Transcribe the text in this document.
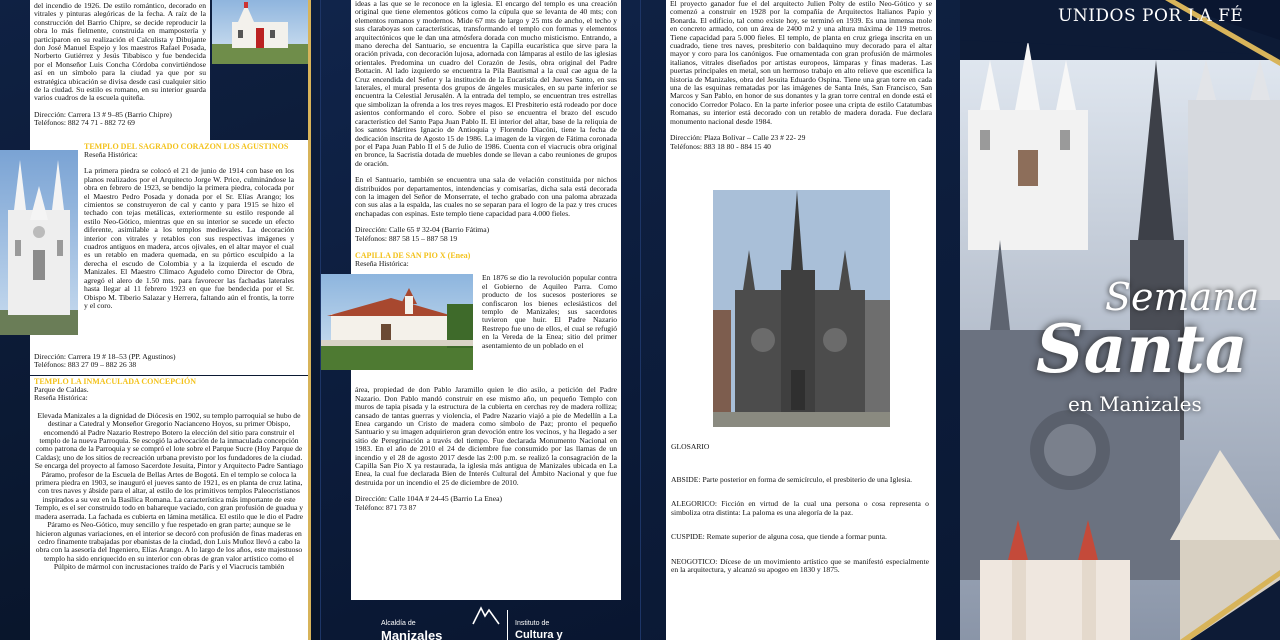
del incendio de 1926. De estilo romántico, decorado en vitrales y pinturas alegóricas de la fecha. A raíz de la construcción del Barrio Chipre, se decide reproducir la obra lo más fielmente, construida en mampostería y participaron en su realización el Calculista y Dibujante don José Manuel Espejo y los maestros Rafael Posada, Norberto Gutiérrez y Jesús Tibabisco y fue bendecida por el Monseñor Luis Concha Córdoba convirtiéndose así en un símbolo para la ciudad ya que por su estratégica ubicación se divisa desde casi cualquier sitio de la ciudad. Su estilo es romano, en su interior guarda varios cuadros de la escuela quiteña.

Dirección: Carrera 13 # 9–85 (Barrio Chipre)
Teléfonos: 882 74 71 - 882 72 69
TEMPLO DEL SAGRADO CORAZON LOS AGUSTINOS
Reseña Histórica:

La primera piedra se colocó el 21 de junio de 1914 con base en los planos realizados por el Arquitecto Jorge W. Price, culminándose la obra en febrero de 1923, se bendijo la primera piedra, colocada por el Maestro Pedro Posada y donada por el Sr. Elías Arango; los cimientos se construyeron de cal y canto y para 1915 se hizo el techado con tejas metálicas, exteriormente su estilo responde al estilo Neo-Gótico, mientras que en su interior se sucede un efecto diferente, asimilable a los templos medievales. La decoración interior con vitrales y retablos con sus respectivas imágenes y cuadros antiguos en madera, arcos ojivales, en el altar mayor el cual es un retablo en madera quemada, en su pórtico esculpido a la derecha el escudo de Colombia y a la izquierda el escudo de Manizales. El Maestro Clímaco Agudelo como Director de Obra, agregó el alero de 1.50 mts. para favorecer las fachadas laterales hasta llegar al 11 febrero 1923 en que fue bendecida por el Sr. Obispo M. Tiberio Salazar y Herrera, faltando aún el frontis, la torre y el coro.

Dirección: Carrera 19 # 18–53 (PP. Agustinos)
Teléfonos: 883 27 09 – 882 26 38
TEMPLO LA INMACULADA CONCEPCIÓN
Parque de Caldas.
Reseña Histórica:

Elevada Manizales a la dignidad de Diócesis en 1902, su templo parroquial se hubo de destinar a Catedral y Monseñor Gregorio Nacianceno Hoyos, su primer Obispo, encomendó al Padre Nazario Restrepo Botero la elección del sitio para construir el templo de la nueva Parroquia. Se escogió la advocación de la inmaculada concepción como patrona de la Parroquia y se compró el lote sobre el Parque Sucre (Hoy Parque de Caldas); uno de los sitios de recreación urbana previsto por los fundadores de la ciudad. Se encarga del proyecto al famoso Sacerdote Jesuita, Pintor y Arquitecto Padre Santiago Páramo, profesor de la Escuela de Bellas Artes de Bogotá. En el templo se coloca la primera piedra en 1903, se inauguró el jueves santo de 1921, es en planta de cruz latina, con tres naves y ábside para el altar, al estilo de los primitivos templos Paleocristianos inspirados a su vez en la Basílica Romana. La característica más importante de este Templo, es el ser construido todo en bahareque vaciado, con gran profusión de guadua y madera aserrada. La fachada es cubierta en lámina metálica. El estilo que le dio el Padre Páramo es Neo-Gótico, muy sencillo y fue respetado en gran parte; aunque se le hicieron algunas variaciones, en el interior se decoró con profusión de finas maderas en cedro finamente trabajadas por ebanistas de la ciudad, don Luis Muñoz llevó a cabo la obra con la asesoría del Ingeniero, Elías Arango. A lo largo de los años, este majestuoso templo ha sido enriquecido en su interior con obras de gran valor artístico como el Púlpito de mármol con incrustaciones traído de París y el Viacrucis también

ideas a las que se le reconoce en la iglesia. El encargo del templo es una creación original que tiene elementos góticos como la cúpula que se levanta de 40 mts; con elementos romanos y modernos. Mide 67 mts de largo y 25 mts de ancho, el techo y sus claraboyas son características, transformando el templo con formas y elementos arquitectónicos que le dan una atmósfera dorada con mucho misticismo. Entrando, a mano derecha del Santuario, se encuentra la Capilla eucarística que sirve para la oración privada, con decoración lujosa, adornada con lámparas al estilo de las iglesias orientales. Predomina un cuadro del Corazón de Jesús, obra original del Padre Bottacin. Al lado izquierdo se encuentra la Pila Bautismal a la cual cae agua de la Cruz encendida del Señor y la institución de la Eucaristía del Jueves Santo, en sus laterales, el mural presenta dos grupos de ángeles musicales, en su parte inferior se encuentra la Celestial Jerusalén. A la entrada del templo, se encuentran tres estrellas que simbolizan la ofrenda a los tres reyes magos. El Presbiterio está rodeado por doce asientos conformando el coro. Sobre el piso se encuentra el brazo del escudo característico del Santo Papa Juan Pablo II. El interior del altar, base de la reliquia de los santos Mártires Ignacio de Antioquia y Florendo Diacóni, tiene la fecha de dedicación inscrita de Agosto 15 de 1986. La imagen de la virgen de Fátima coronada por el Papa Juan Pablo II el 5 de Julio de 1986. Cuenta con el viacrucis obra original en bronce, la Sacristía dotada de muebles donde se llevan a cabo reuniones de grupos de oración.

En el Santuario, también se encuentra una sala de velación constituida por nichos distribuidos por departamentos, intendencias y comisarías, dicha sala está decorada con la imagen del Señor de Monserrate, el techo grabado con una paloma abrazada con sus alas a la espalda, las cuales no se separan para el logro de la paz y tres cruces enchapadas con espinas. Este templo tiene capacidad para 4.000 fieles.

Dirección: Calle 65 # 32-04 (Barrio Fátima)
Teléfonos: 887 58 15 – 887 58 19
CAPILLA DE SAN PIO X (Enea)
Reseña Histórica:

En 1876 se dio la revolución popular contra el Gobierno de Aquileo Parra. Como producto de los sucesos posteriores se confiscaron los bienes eclesiásticos del templo de Manizales; sus sacerdotes tuvieron que huir. El Padre Nazario Restrepo fue uno de ellos, el cual se refugió en la Vereda de la Enea; sitio del primer asentamiento de un poblado en el

área, propiedad de don Pablo Jaramillo quien le dio asilo, a petición del Padre Nazario. Don Pablo mandó construir en ese mismo año, un pequeño Templo con muros de tapia pisada y la estructura de la cubierta en cerchas rey de madera rolliza; cansado de tantas guerras y violencia, el Padre Nazario viajó a pie de Medellín a La Enea cargando un Cristo de madera como símbolo de Paz; pronto el pequeño Santuario y su imagen adquirieron gran devoción entre los vecinos, y ha llegado a ser sitio de Peregrinación a través del tiempo. Fue declarada Monumento Nacional en 1983. En el año de 2010 el 24 de diciembre fue consumido por las llamas de un incendio y el 28 de agosto 2017 desde las 2:00 p.m. se realizó la consagración de la Capilla San Pio X ya restaurada, la iglesia más antigua de Manizales ubicada en La Enea, la cual fue declarada Bien de Interés Cultural del Ámbito Nacional y que fue destruida por un incendio el 25 de diciembre de 2010.

Dirección: Calle 104A # 24-45 (Barrio La Enea)
Teléfono: 871 73 87
Alcaldía de
Manizales
Instituto de
Cultura y

El proyecto ganador fue el del arquitecto Julien Polty de estilo Neo-Gótico y se comenzó a construir en 1928 por la compañía de Arquitectos Italianos Papio y Bonarda. El edificio, tal como existe hoy, se terminó en 1939. Es una inmensa mole en concreto armado, con un área de 2400 m2 y una altura máxima de 119 metros. Tiene capacidad para 5.000 fieles. El templo, de planta en cruz griega inscrita en un cuadrado, tiene tres naves, presbiterio con baldaquino muy decorado para el altar mayor y coro para los canónigos. Fue ornamentada con gran profusión de mármoles italianos, vitrales diseñados por artistas europeos, lámparas y finas maderas. Las puertas principales en metal, son un hermoso trabajo en alto relieve que escenifica la historia de Manizales, obra del Jesuita Eduardo Ospina. Tiene una gran torre en cada una de las esquinas rematadas por las imágenes de Santa Inés, San Francisco, San Marcos y San Pablo, en honor de sus donantes y la gran torre central en donde está el conocido Corredor Polaco. En la parte inferior posee una cripta de estilo Catatumbas Romanas, su interior está decorado con un retablo de madera dorada. Fue declara monumento nacional desde 1984.

Dirección: Plaza Bolívar – Calle 23 # 22- 29
Teléfonos: 883 18 80 - 884 15 40
GLOSARIO

ABSIDE: Parte posterior en forma de semicírculo, el presbiterio de una Iglesia.

ALEGORICO: Ficción en virtud de la cual una persona o cosa representa o simboliza otra distinta: La paloma es una alegoría de la paz.

CUSPIDE: Remate superior de alguna cosa, que tiende a formar punta.

NEOGOTICO: Dícese de un movimiento artístico que se manifestó especialmente en la arquitectura, y alcanzó su apogeo en 1830 y 1875.

UNIDOS POR LA FÉ
Semana
Santa
en Manizales
